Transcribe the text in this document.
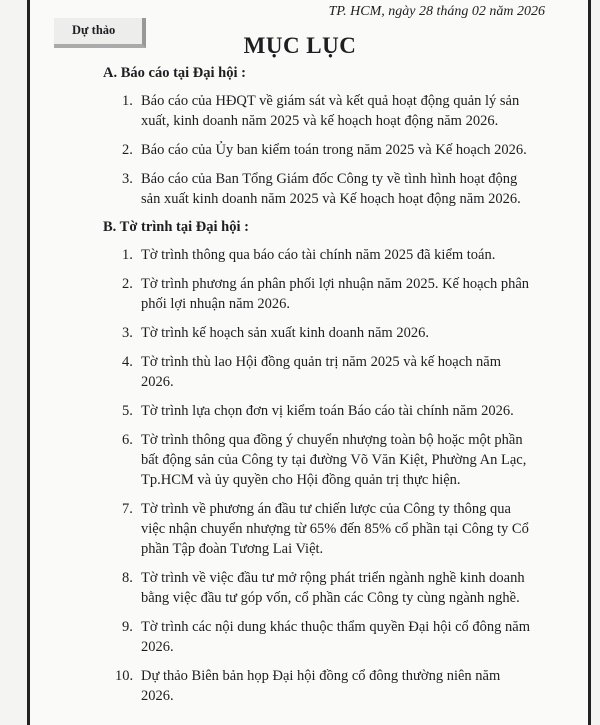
TP. HCM, ngày 28 tháng 02 năm 2026
Dự thảo
MỤC LỤC
A. Báo cáo tại Đại hội :
1. Báo cáo của HĐQT về giám sát và kết quả hoạt động quản lý sản xuất, kinh doanh năm 2025 và kế hoạch hoạt động năm 2026.
2. Báo cáo của Ủy ban kiểm toán trong năm 2025 và Kế hoạch 2026.
3. Báo cáo của Ban Tổng Giám đốc Công ty về tình hình hoạt động sản xuất kinh doanh năm 2025 và Kế hoạch hoạt động năm 2026.
B. Tờ trình tại Đại hội :
1. Tờ trình thông qua báo cáo tài chính năm 2025 đã kiểm toán.
2. Tờ trình phương án phân phối lợi nhuận năm 2025. Kế hoạch phân phối lợi nhuận năm 2026.
3. Tờ trình kế hoạch sản xuất kinh doanh năm 2026.
4. Tờ trình thù lao Hội đồng quản trị năm 2025 và kế hoạch năm 2026.
5. Tờ trình lựa chọn đơn vị kiểm toán Báo cáo tài chính năm 2026.
6. Tờ trình thông qua đồng ý chuyển nhượng toàn bộ hoặc một phần bất động sản của Công ty tại đường Võ Văn Kiệt, Phường An Lạc, Tp.HCM và ủy quyền cho Hội đồng quản trị thực hiện.
7. Tờ trình về phương án đầu tư chiến lược của Công ty thông qua việc nhận chuyển nhượng từ 65% đến 85% cổ phần tại Công ty Cổ phần Tập đoàn Tương Lai Việt.
8. Tờ trình về việc đầu tư mở rộng phát triển ngành nghề kinh doanh bằng việc đầu tư góp vốn, cổ phần các Công ty cùng ngành nghề.
9. Tờ trình các nội dung khác thuộc thẩm quyền Đại hội cổ đông năm 2026.
10. Dự thảo Biên bản họp Đại hội đồng cổ đông thường niên năm 2026.
